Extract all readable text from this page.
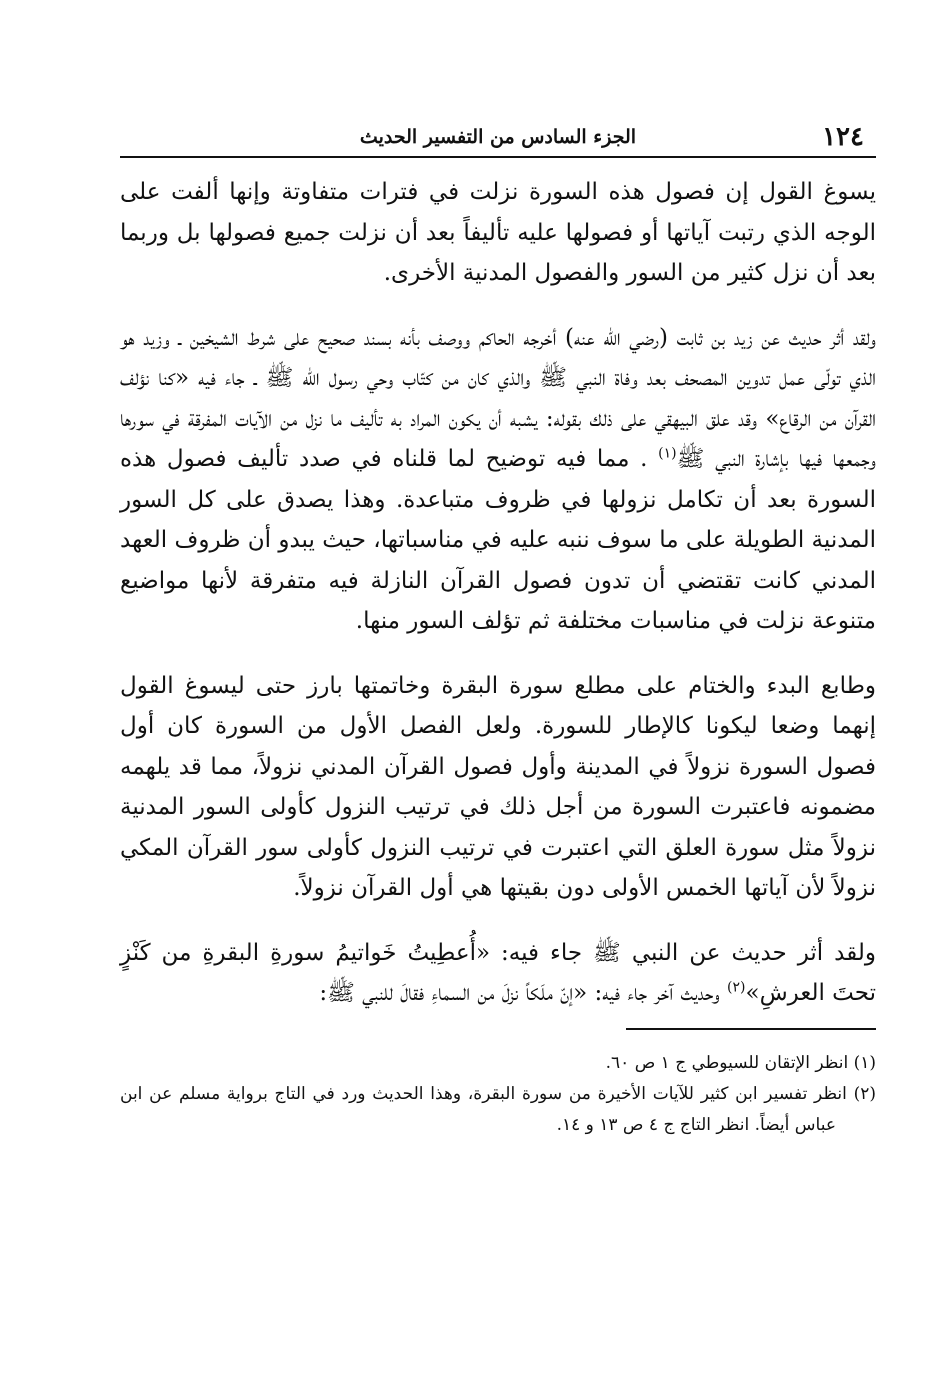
١٢٤
الجزء السادس من التفسير الحديث

يسوغ القول إن فصول هذه السورة نزلت في فترات متفاوتة وإنها ألفت على الوجه الذي رتبت آياتها أو فصولها عليه تأليفاً بعد أن نزلت جميع فصولها بل وربما بعد أن نزل كثير من السور والفصول المدنية الأخرى.

ولقد أثر حديث عن زيد بن ثابت (رضي الله عنه) أخرجه الحاكم ووصف بأنه بسند صحيح على شرط الشيخين ـ وزيد هو الذي تولّى عمل تدوين المصحف بعد وفاة النبي ﷺ والذي كان من كتّاب وحي رسول الله ﷺ ـ جاء فيه «كنا نؤلف القرآن من الرقاع» وقد علق البيهقي على ذلك بقوله: يشبه أن يكون المراد به تأليف ما نزل من الآيات المفرقة في سورها وجمعها فيها بإشارة النبي ﷺ$^{(١)}$ . مما فيه توضيح لما قلناه في صدد تأليف فصول هذه السورة بعد أن تكامل نزولها في ظروف متباعدة. وهذا يصدق على كل السور المدنية الطويلة على ما سوف ننبه عليه في مناسباتها، حيث يبدو أن ظروف العهد المدني كانت تقتضي أن تدون فصول القرآن النازلة فيه متفرقة لأنها مواضيع متنوعة نزلت في مناسبات مختلفة ثم تؤلف السور منها.

وطابع البدء والختام على مطلع سورة البقرة وخاتمتها بارز حتى ليسوغ القول إنهما وضعا ليكونا كالإطار للسورة. ولعل الفصل الأول من السورة كان أول فصول السورة نزولاً في المدينة وأول فصول القرآن المدني نزولاً، مما قد يلهمه مضمونه فاعتبرت السورة من أجل ذلك في ترتيب النزول كأولى السور المدنية نزولاً مثل سورة العلق التي اعتبرت في ترتيب النزول كأولى سور القرآن المكي نزولاً لأن آياتها الخمس الأولى دون بقيتها هي أول القرآن نزولاً.

ولقد أثر حديث عن النبي ﷺ جاء فيه: «أُعطِيتُ خَواتيمُ سورةِ البقرةِ من كَنْزٍ تحتَ العرشِ»$^{(٢)}$ وحديث آخر جاء فيه: «إنّ ملَكاً نزلَ من السماءِ فقالَ للنبي ﷺ:

(١) انظر الإتقان للسيوطي ج ١ ص ٦٠.

(٢) انظر تفسير ابن كثير للآيات الأخيرة من سورة البقرة، وهذا الحديث ورد في التاج برواية مسلم عن ابن عباس أيضاً. انظر التاج ج ٤ ص ١٣ و ١٤.
